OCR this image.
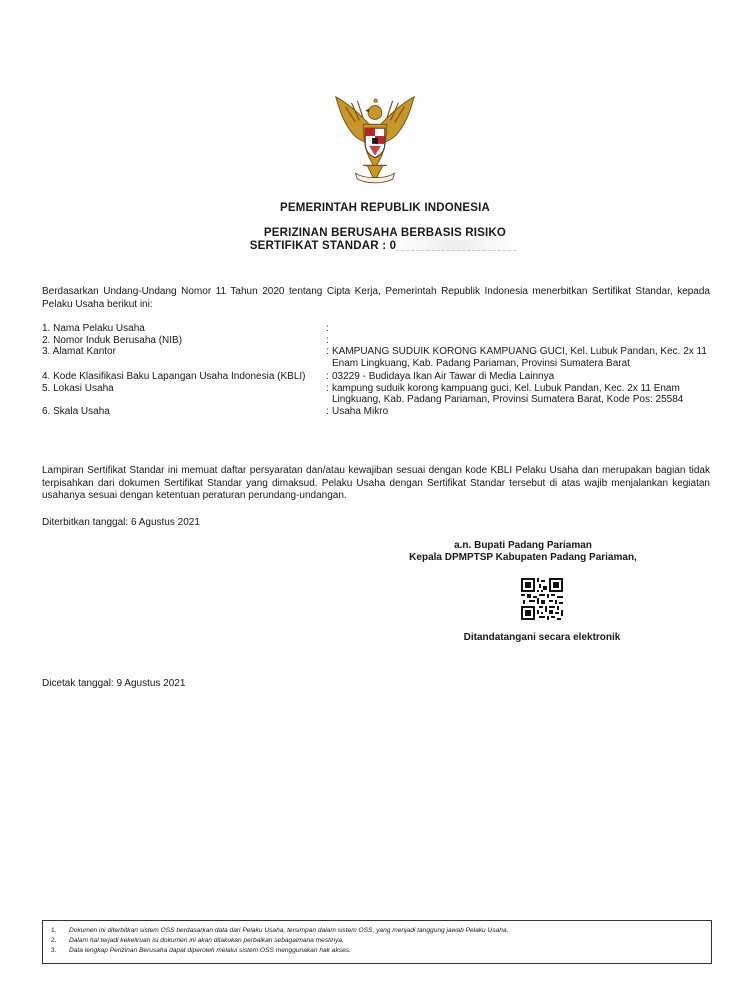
PEMERINTAH REPUBLIK INDONESIA
PERIZINAN BERUSAHA BERBASIS RISIKO
SERTIFIKAT STANDAR : 0
Berdasarkan Undang-Undang Nomor 11 Tahun 2020 tentang Cipta Kerja, Pemerintah Republik Indonesia menerbitkan Sertifikat Standar, kepada Pelaku Usaha berikut ini:
1. Nama Pelaku Usaha	:
2. Nomor Induk Berusaha (NIB)	:
3. Alamat Kantor	: KAMPUANG SUDUIK KORONG KAMPUANG GUCI, Kel. Lubuk Pandan, Kec. 2x 11 Enam Lingkuang, Kab. Padang Pariaman, Provinsi Sumatera Barat
4. Kode Klasifikasi Baku Lapangan Usaha Indonesia (KBLI)	: 03229 - Budidaya Ikan Air Tawar di Media Lainnya
5. Lokasi Usaha	: kampung suduik korong kampuang guci, Kel. Lubuk Pandan, Kec. 2x 11 Enam Lingkuang, Kab. Padang Pariaman, Provinsi Sumatera Barat, Kode Pos: 25584
6. Skala Usaha	: Usaha Mikro
Lampiran Sertifikat Standar ini memuat daftar persyaratan dan/atau kewajiban sesuai dengan kode KBLI Pelaku Usaha dan merupakan bagian tidak terpisahkan dari dokumen Sertifikat Standar yang dimaksud. Pelaku Usaha dengan Sertifikat Standar tersebut di atas wajib menjalankan kegiatan usahanya sesuai dengan ketentuan peraturan perundang-undangan.
Diterbitkan tanggal: 6 Agustus 2021
a.n. Bupati Padang Pariaman
Kepala DPMPTSP Kabupaten Padang Pariaman,
Ditandatangani secara elektronik
Dicetak tanggal: 9 Agustus 2021
1.	Dokumen ini diterbitkan sistem OSS berdasarkan data dari Pelaku Usaha, tersimpan dalam sistem OSS, yang menjadi tanggung jawab Pelaku Usaha.
2.	Dalam hal terjadi kekeliruan isi dokumen ini akan dilakukan perbaikan sebagaimana mestinya.
3.	Data lengkap Perizinan Berusaha dapat diperoleh melalui sistem OSS menggunakan hak akses.
